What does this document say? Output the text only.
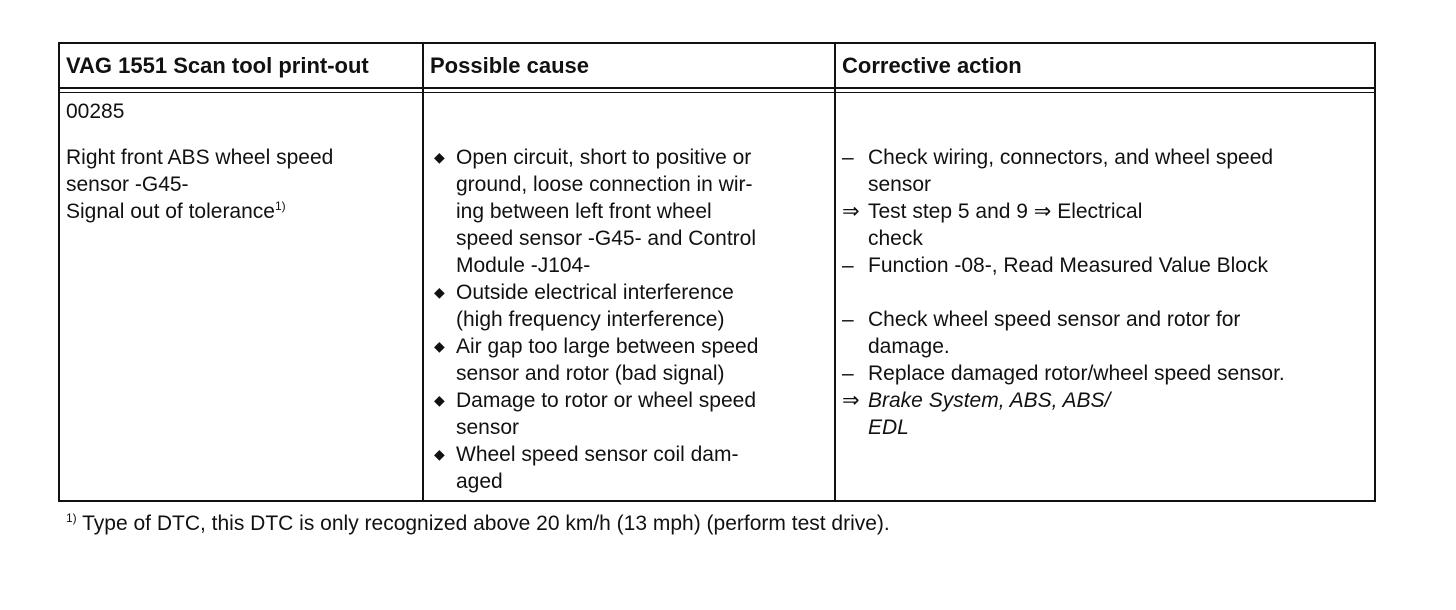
VAG 1551 Scan tool print-out	Possible cause	Corrective action
00285
Right front ABS wheel speed
sensor -G45-
Signal out of tolerance$^{1)}$
◆ Open circuit, short to positive or
ground, loose connection in wir-
ing between left front wheel
speed sensor -G45- and Control
Module -J104-
◆ Outside electrical interference
(high frequency interference)
◆ Air gap too large between speed
sensor and rotor (bad signal)
◆ Damage to rotor or wheel speed
sensor
◆ Wheel speed sensor coil dam-
aged
– Check wiring, connectors, and wheel speed
sensor
⇒ Test step 5 and 9 ⇒ Electrical
check
– Function -08-, Read Measured Value Block
– Check wheel speed sensor and rotor for
damage.
– Replace damaged rotor/wheel speed sensor.
⇒ Brake System, ABS, ABS/
EDL
$^{1)}$ Type of DTC, this DTC is only recognized above 20 km/h (13 mph) (perform test drive).
